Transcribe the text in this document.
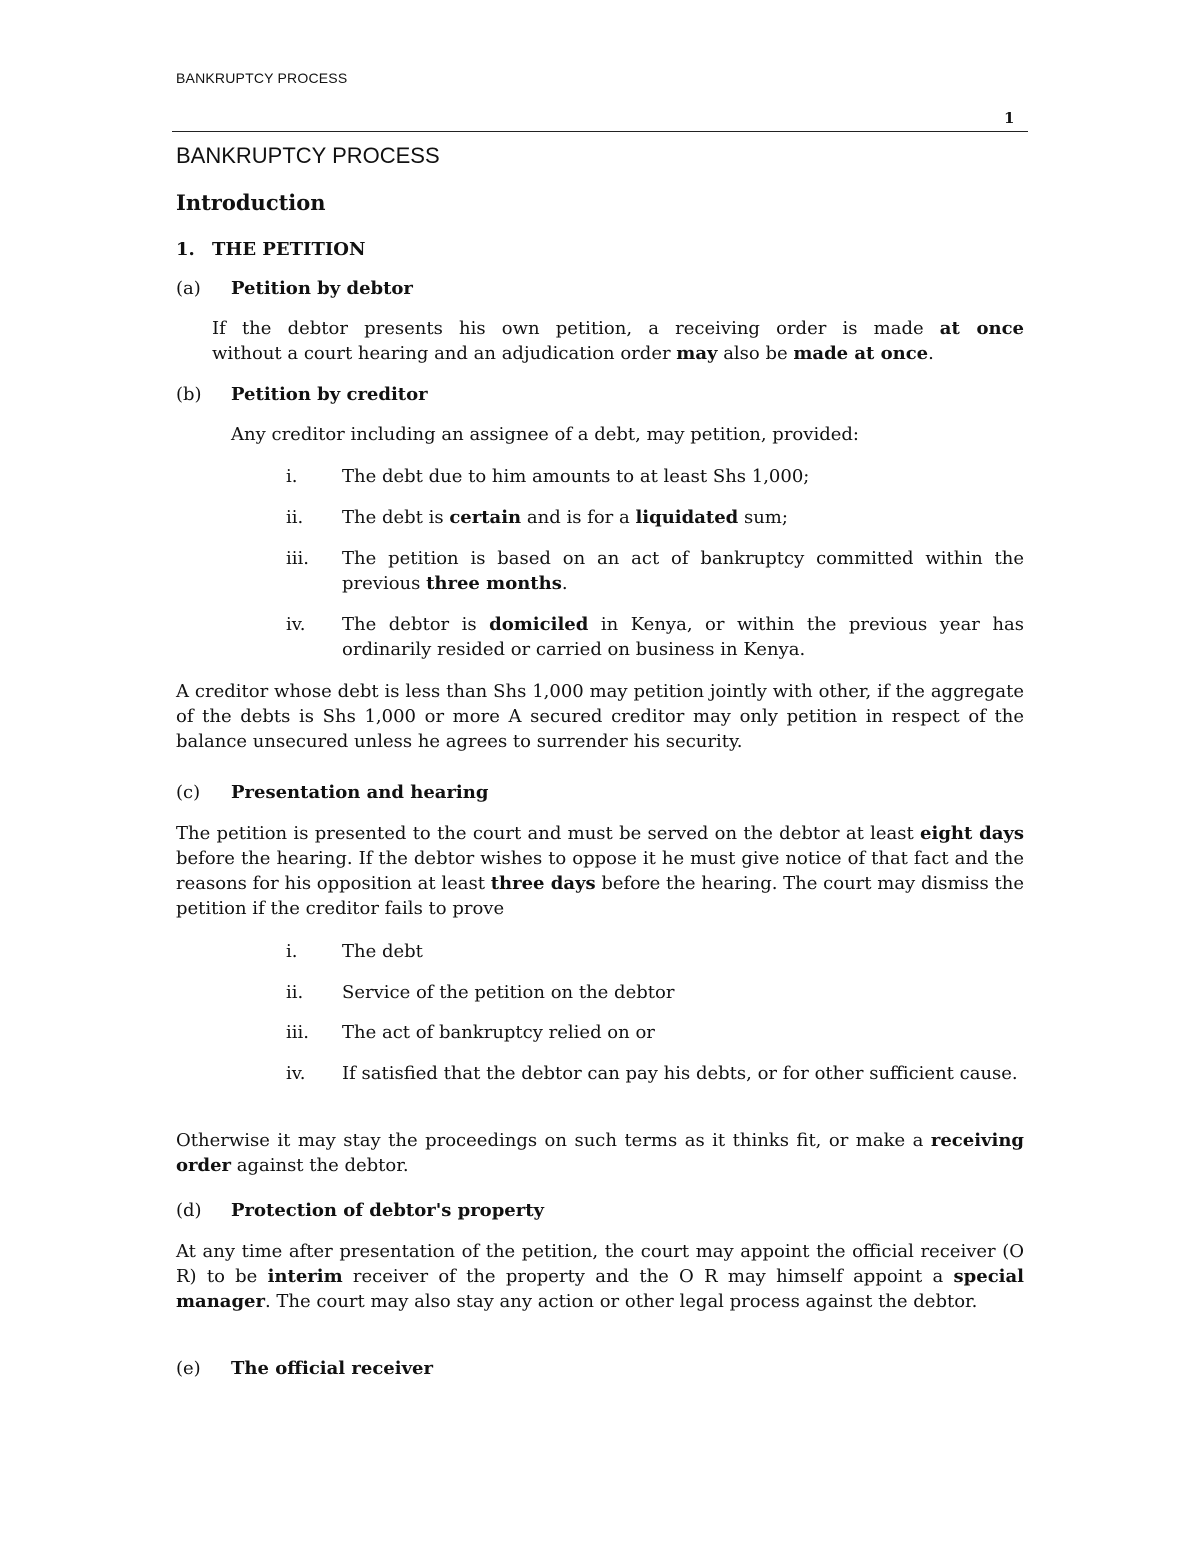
BANKRUPTCY PROCESS
1
BANKRUPTCY PROCESS
Introduction
1. THE PETITION
(a) Petition by debtor
If the debtor presents his own petition, a receiving order is made at once
without a court hearing and an adjudication order may also be made at once.
(b) Petition by creditor
Any creditor including an assignee of a debt, may petition, provided:
i. The debt due to him amounts to at least Shs 1,000;
ii. The debt is certain and is for a liquidated sum;
iii. The petition is based on an act of bankruptcy committed within the previous three months.
iv. The debtor is domiciled in Kenya, or within the previous year has ordinarily resided or carried on business in Kenya.
A creditor whose debt is less than Shs 1,000 may petition jointly with other, if the aggregate of the debts is Shs 1,000 or more A secured creditor may only petition in respect of the balance unsecured unless he agrees to surrender his security.
(c) Presentation and hearing
The petition is presented to the court and must be served on the debtor at least eight days before the hearing. If the debtor wishes to oppose it he must give notice of that fact and the reasons for his opposition at least three days before the hearing. The court may dismiss the petition if the creditor fails to prove
i. The debt
ii. Service of the petition on the debtor
iii. The act of bankruptcy relied on or
iv. If satisfied that the debtor can pay his debts, or for other sufficient cause.
Otherwise it may stay the proceedings on such terms as it thinks fit, or make a receiving order against the debtor.
(d) Protection of debtor's property
At any time after presentation of the petition, the court may appoint the official receiver (O R) to be interim receiver of the property and the O R may himself appoint a special manager. The court may also stay any action or other legal process against the debtor.
(e) The official receiver
